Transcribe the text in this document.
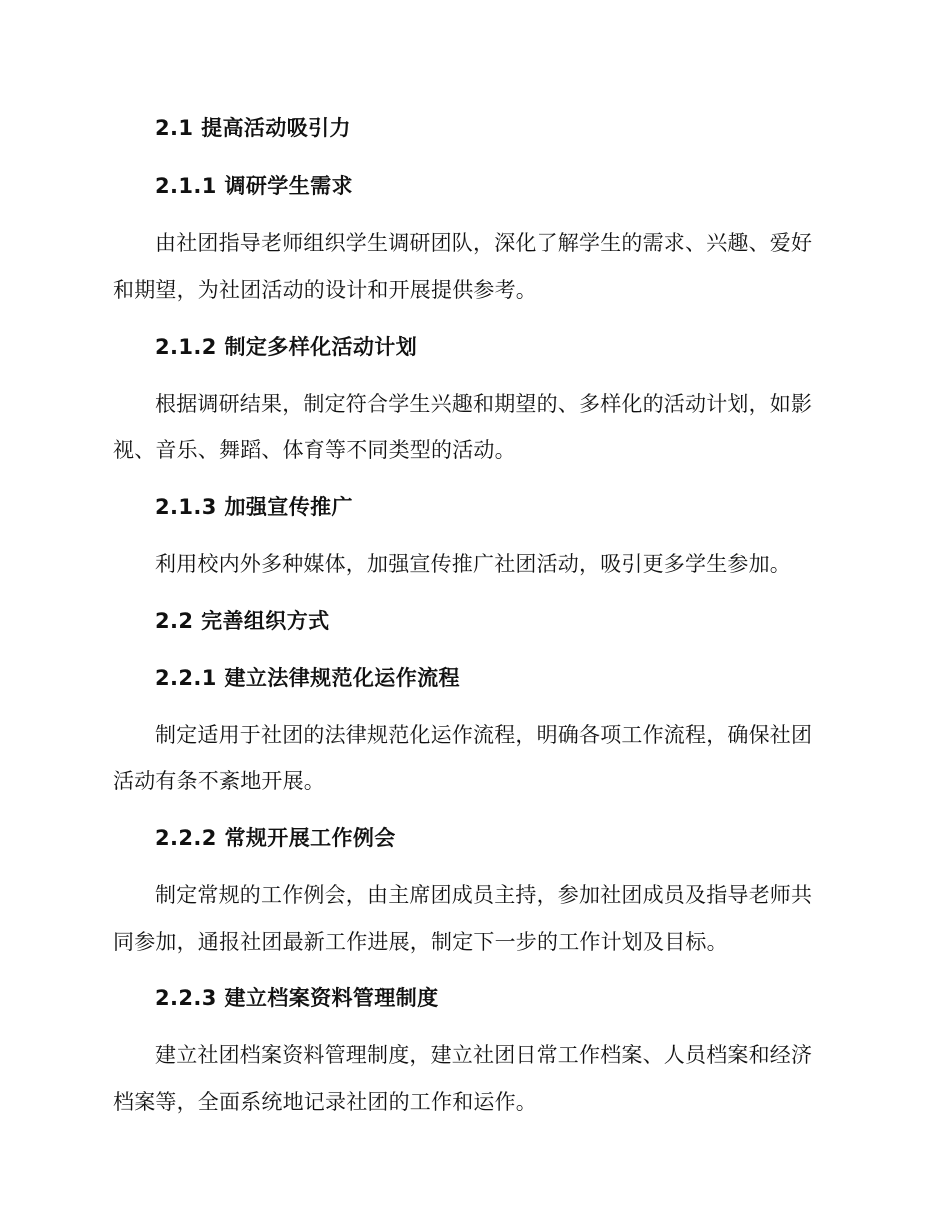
2.1 提高活动吸引力
2.1.1 调研学生需求
由社团指导老师组织学生调研团队，深化了解学生的需求、兴趣、爱好
和期望，为社团活动的设计和开展提供参考。
2.1.2 制定多样化活动计划
根据调研结果，制定符合学生兴趣和期望的、多样化的活动计划，如影
视、音乐、舞蹈、体育等不同类型的活动。
2.1.3 加强宣传推广
利用校内外多种媒体，加强宣传推广社团活动，吸引更多学生参加。
2.2 完善组织方式
2.2.1 建立法律规范化运作流程
制定适用于社团的法律规范化运作流程，明确各项工作流程，确保社团
活动有条不紊地开展。
2.2.2 常规开展工作例会
制定常规的工作例会，由主席团成员主持，参加社团成员及指导老师共
同参加，通报社团最新工作进展，制定下一步的工作计划及目标。
2.2.3 建立档案资料管理制度
建立社团档案资料管理制度，建立社团日常工作档案、人员档案和经济
档案等，全面系统地记录社团的工作和运作。
